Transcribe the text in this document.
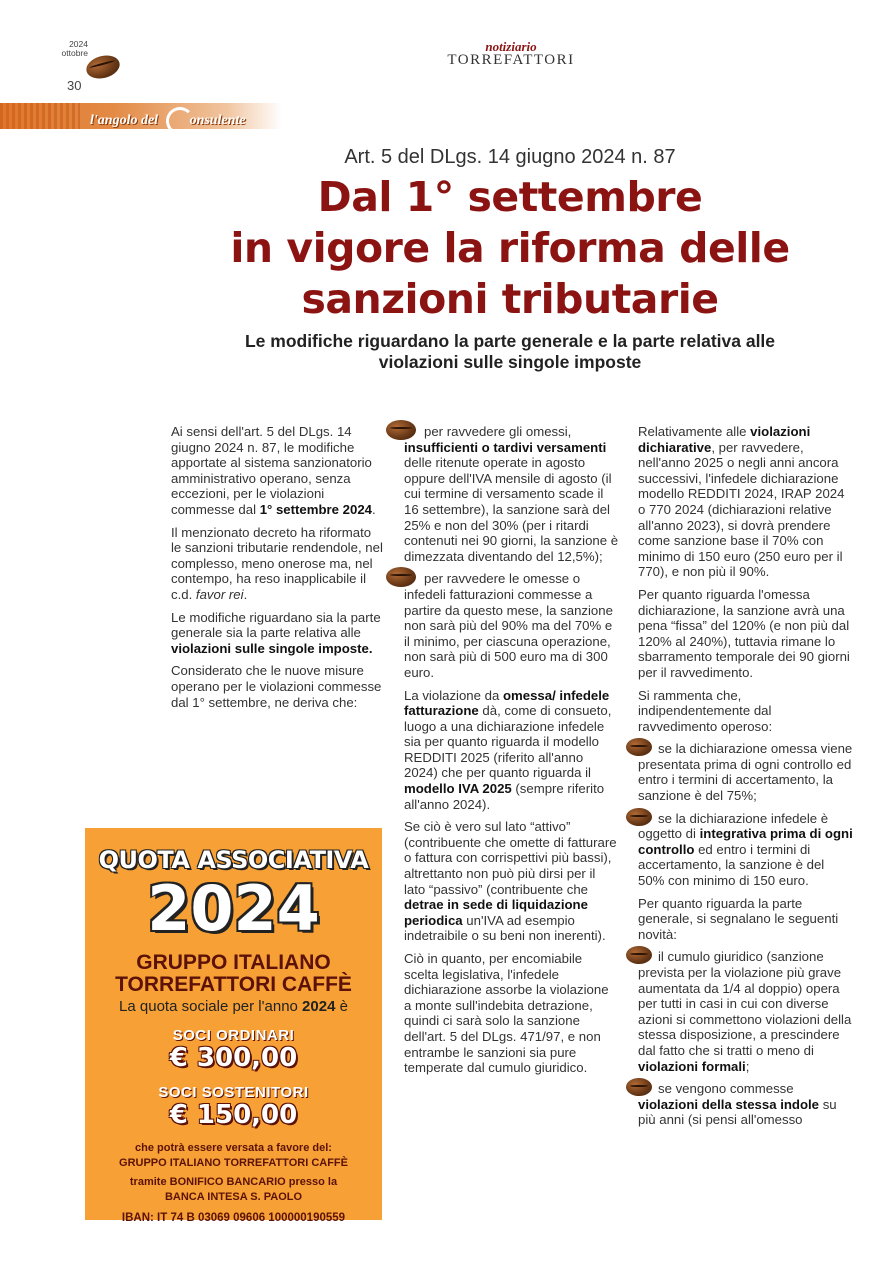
2024
ottobre
30
notiziario
TORREFATTORI
l'angolo del onsulente
Art. 5 del DLgs. 14 giugno 2024 n. 87
Dal 1° settembre
in vigore la riforma delle
sanzioni tributarie
Le modifiche riguardano la parte generale e la parte relativa alle
violazioni sulle singole imposte

Ai sensi dell'art. 5 del DLgs. 14 giugno 2024 n. 87, le modifiche apportate al sistema sanzionatorio amministrativo operano, senza eccezioni, per le violazioni commesse dal 1° settembre 2024.

Il menzionato decreto ha riformato le sanzioni tributarie rendendole, nel complesso, meno onerose ma, nel contempo, ha reso inapplicabile il c.d. favor rei.

Le modifiche riguardano sia la parte generale sia la parte relativa alle violazioni sulle singole imposte.

Considerato che le nuove misure operano per le violazioni commesse dal 1° settembre, ne deriva che:

QUOTA ASSOCIATIVA
2024
GRUPPO ITALIANO
TORREFATTORI CAFFÈ
La quota sociale per l'anno 2024 è
SOCI ORDINARI
€ 300,00
SOCI SOSTENITORI
€ 150,00
che potrà essere versata a favore del:
GRUPPO ITALIANO TORREFATTORI CAFFÈ
tramite BONIFICO BANCARIO presso la
BANCA INTESA S. PAOLO
IBAN: IT 74 B 03069 09606 100000190559

per ravvedere gli omessi, insufficienti o tardivi versamenti delle ritenute operate in agosto oppure dell'IVA mensile di agosto (il cui termine di versamento scade il 16 settembre), la sanzione sarà del 25% e non del 30% (per i ritardi contenuti nei 90 giorni, la sanzione è dimezzata diventando del 12,5%);

per ravvedere le omesse o infedeli fatturazioni commesse a partire da questo mese, la sanzione non sarà più del 90% ma del 70% e il minimo, per ciascuna operazione, non sarà più di 500 euro ma di 300 euro.

La violazione da omessa/ infedele fatturazione dà, come di consueto, luogo a una dichiarazione infedele sia per quanto riguarda il modello REDDITI 2025 (riferito all'anno 2024) che per quanto riguarda il modello IVA 2025 (sempre riferito all'anno 2024).

Se ciò è vero sul lato “attivo” (contribuente che omette di fatturare o fattura con corrispettivi più bassi), altrettanto non può più dirsi per il lato “passivo” (contribuente che detrae in sede di liquidazione periodica un'IVA ad esempio indetraibile o su beni non inerenti).

Ciò in quanto, per encomiabile scelta legislativa, l'infedele dichiarazione assorbe la violazione a monte sull'indebita detrazione, quindi ci sarà solo la sanzione dell'art. 5 del DLgs. 471/97, e non entrambe le sanzioni sia pure temperate dal cumulo giuridico.

Relativamente alle violazioni dichiarative, per ravvedere, nell'anno 2025 o negli anni ancora successivi, l'infedele dichiarazione modello REDDITI 2024, IRAP 2024 o 770 2024 (dichiarazioni relative all'anno 2023), si dovrà prendere come sanzione base il 70% con minimo di 150 euro (250 euro per il 770), e non più il 90%.

Per quanto riguarda l'omessa dichiarazione, la sanzione avrà una pena “fissa” del 120% (e non più dal 120% al 240%), tuttavia rimane lo sbarramento temporale dei 90 giorni per il ravvedimento.

Si rammenta che, indipendentemente dal ravvedimento operoso:

se la dichiarazione omessa viene presentata prima di ogni controllo ed entro i termini di accertamento, la sanzione è del 75%;

se la dichiarazione infedele è oggetto di integrativa prima di ogni controllo ed entro i termini di accertamento, la sanzione è del 50% con minimo di 150 euro.

Per quanto riguarda la parte generale, si segnalano le seguenti novità:

il cumulo giuridico (sanzione prevista per la violazione più grave aumentata da 1/4 al doppio) opera per tutti in casi in cui con diverse azioni si commettono violazioni della stessa disposizione, a prescindere dal fatto che si tratti o meno di violazioni formali;

se vengono commesse violazioni della stessa indole su più anni (si pensi all'omesso
